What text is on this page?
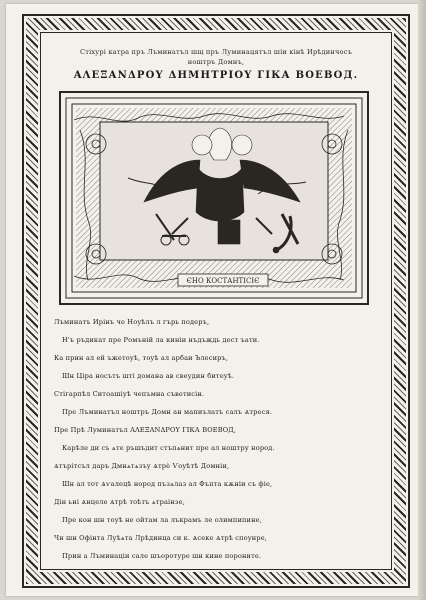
Стіхурі катра пръ Лъминатъл шщ пръ Луминацятъл шіи кінѣ Ирѣдинчосъ
ноштръ Домнъ,
ΑΛΕΞΑΝΔΡΟΥ ΔΗΜΗΤΡΙΟΥ ГІКА ВОЕВОД.
ЄНО КОСТАНТІСІЄ
Лъминатъ Ирінъ че Ноуѣлъ л гърь подеръ,
Н'ъ ръдикат пре Ромъній ла киніи нъдъждь дест ъати.
Ка прин ал ей ъжетоуѣ, тоуѣ ал арбаи Ълесиръ,
Шн Ціра носътъ шті домана ав свеудин битеуѣ.
Стігарпѣл Ситоашіуѣ чепъмна съветисін.
Пре Лъминатъл ноштръ Домн ан мапиълатъ салъ Ѧтреся.
Пре Прѣ Луминатъл ΑΛΕΞΑΝΔΡΟΥ ГІКА ВОЕВОД,
Карѣле ди съ ѧте ръшъдит стъпѧнит пре ал ноштру нород.
Ѧтърітсъл даръ Дмнѧтѧзъу Ѧтрè Ѵоуѣтѣ Домніи,
Шн ал тот Ѧѵалецѣ нород пъзѧлаз ал Фъпта кѫніи съ фіе,
Дін ьні Ѧнцеле Ѧтрѣ тоѣтъ ѧтраінзе,
Пре кон шн тоуѣ не ойтам ла лъкрамъ ле олимпипине,
Чн шн Офінта Луѣѧта Лрѣдинца си к. Ѧсеке Ѧтрѣ споунре,
Прин а Лъминаціи сале шъоротуре шн кине пороните.
